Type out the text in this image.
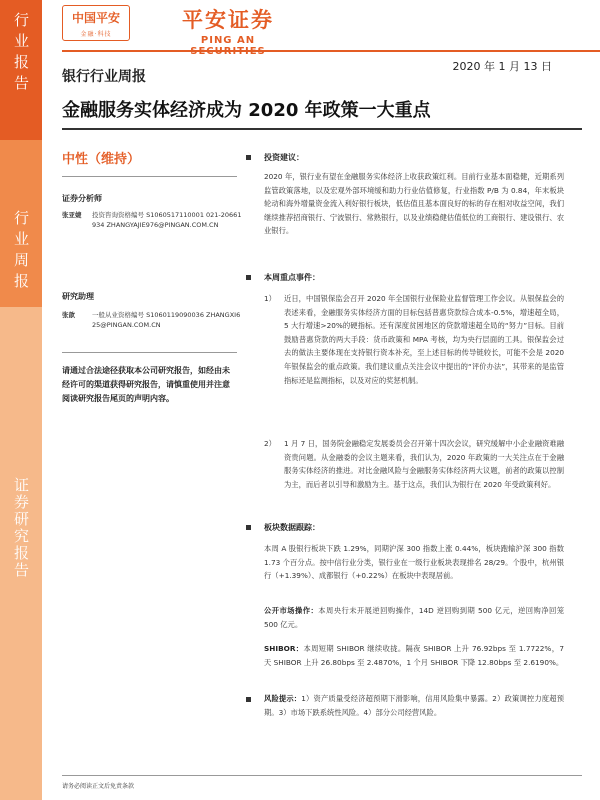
行业报告
行业周报
证券研究报告
中国平安
金融·科技
平安证券
PING AN
2020 年 1 月 13 日
银行行业周报
金融服务实体经济成为 2020 年政策一大重点
中性（维持）
证券分析师
张亚婕 投资咨询资格编号 S1060517110001 021-20661934 ZHANGYAJIE976@PINGAN.COM.CN
研究助理
张歆	一般从业资格编号 S1060119090036 ZHANGXI625@PINGAN.COM.CN
请通过合法途径获取本公司研究报告，如经由未经许可的渠道获得研究报告，请慎重使用并注意阅读研究报告尾页的声明内容。
投资建议：
2020 年，银行业有望在金融服务实体经济上收获政策红利。目前行业基本面稳健，近期系列监管政策落地，以及宏观外部环境缓和助力行业估值修复，行业指数 P/B 为 0.84，年末板块轮动和海外增量资金流入利好银行板块，低估值且基本面良好的标的存在相对收益空间，我们继续推荐招商银行、宁波银行、常熟银行，以及业绩稳健估值低位的工商银行、建设银行、农业银行。
本周重点事件：
1） 近日，中国银保监会召开 2020 年全国银行业保险业监督管理工作会议。从银保监会的表述来看，金融服务实体经济方面的目标包括普惠贷款综合成本-0.5%，增速超全局，5 大行增速>20%的硬指标。还有深度贫困地区的贷款增速超全局的“努力”目标。目前鼓励普惠贷款的两大手段：货币政策和 MPA 考核，均为央行层面的工具。银保监会过去的做法主要体现在支持银行资本补充，至上述目标的传导链较长，可能不会是 2020 年银保监会的重点政策。我们建议重点关注会议中提出的“评价办法”，其带来的是监管指标还是监测指标，以及对应的奖惩机制。
2） 1 月 7 日，国务院金融稳定发展委员会召开第十四次会议，研究缓解中小企业融资难融资贵问题。从金融委的会议主题来看，我们认为，2020 年政策的一大关注点在于金融服务实体经济的推进。对比金融风险与金融服务实体经济两大议题，前者的政策以控制为主，而后者以引导和激励为主。基于这点，我们认为银行在 2020 年受政策利好。
板块数据跟踪：
本周 A 股银行板块下跌 1.29%，同期沪深 300 指数上涨 0.44%，板块跑输沪深 300 指数 1.73 个百分点。按中信行业分类，银行业在一级行业板块表现排名 28/29。个股中，杭州银行（+1.39%）、成都银行（+0.22%）在板块中表现居前。
公开市场操作：本周央行未开展逆回购操作，14D 逆回购到期 500 亿元，逆回购净回笼 500 亿元。
SHIBOR：本周短期 SHIBOR 继续收拢。隔夜 SHIBOR 上升 76.92bps 至 1.7722%，7 天 SHIBOR 上升 26.80bps 至 2.4870%，1 个月 SHIBOR 下降 12.80bps 至 2.6190%。
风险提示：1）资产质量受经济超预期下滑影响，信用风险集中暴露。2）政策调控力度超预期。3）市场下跌系统性风险。4）部分公司经营风险。
请务必阅读正文后免责条款
